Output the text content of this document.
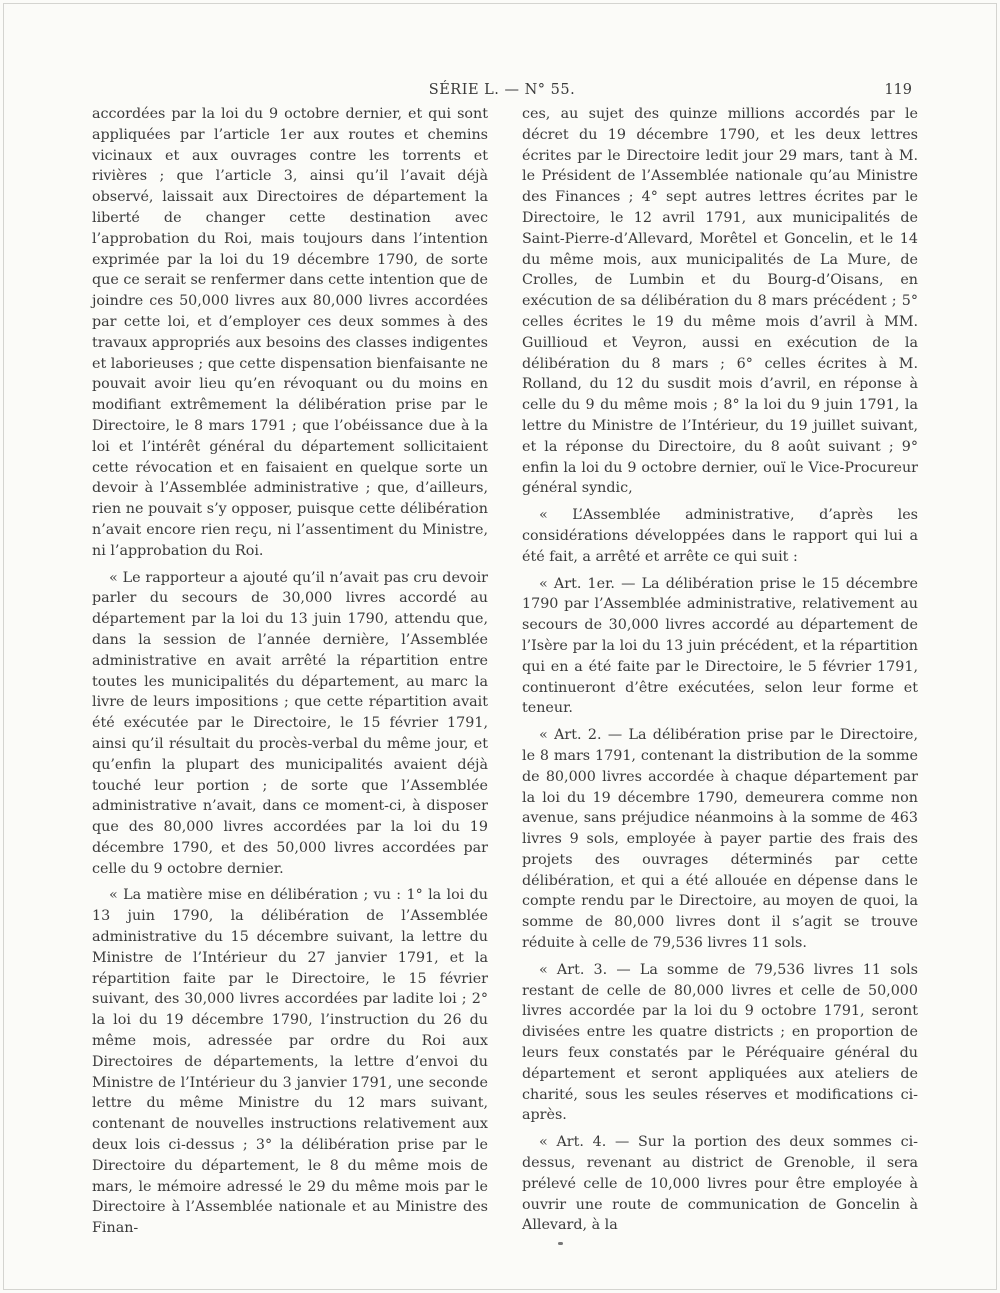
SÉRIE L. — N° 55.	119

accordées par la loi du 9 octobre dernier, et qui sont appliquées par l’article 1er aux routes et chemins vicinaux et aux ouvrages contre les torrents et rivières ; que l’article 3, ainsi qu’il l’avait déjà observé, laissait aux Directoires de département la liberté de changer cette destination avec l’approbation du Roi, mais toujours dans l’intention exprimée par la loi du 19 décembre 1790, de sorte que ce serait se renfermer dans cette intention que de joindre ces 50,000 livres aux 80,000 livres accordées par cette loi, et d’employer ces deux sommes à des travaux appropriés aux besoins des classes indigentes et laborieuses ; que cette dispensation bienfaisante ne pouvait avoir lieu qu’en révoquant ou du moins en modifiant extrêmement la délibération prise par le Directoire, le 8 mars 1791 ; que l’obéissance due à la loi et l’intérêt général du département sollicitaient cette révocation et en faisaient en quelque sorte un devoir à l’Assemblée administrative ; que, d’ailleurs, rien ne pouvait s’y opposer, puisque cette délibération n’avait encore rien reçu, ni l’assentiment du Ministre, ni l’approbation du Roi.

« Le rapporteur a ajouté qu’il n’avait pas cru devoir parler du secours de 30,000 livres accordé au département par la loi du 13 juin 1790, attendu que, dans la session de l’année dernière, l’Assemblée administrative en avait arrêté la répartition entre toutes les municipalités du département, au marc la livre de leurs impositions ; que cette répartition avait été exécutée par le Directoire, le 15 février 1791, ainsi qu’il résultait du procès-verbal du même jour, et qu’enfin la plupart des municipalités avaient déjà touché leur portion ; de sorte que l’Assemblée administrative n’avait, dans ce moment-ci, à disposer que des 80,000 livres accordées par la loi du 19 décembre 1790, et des 50,000 livres accordées par celle du 9 octobre dernier.

« La matière mise en délibération ; vu : 1° la loi du 13 juin 1790, la délibération de l’Assemblée administrative du 15 décembre suivant, la lettre du Ministre de l’Intérieur du 27 janvier 1791, et la répartition faite par le Directoire, le 15 février suivant, des 30,000 livres accordées par ladite loi ; 2° la loi du 19 décembre 1790, l’instruction du 26 du même mois, adressée par ordre du Roi aux Directoires de départements, la lettre d’envoi du Ministre de l’Intérieur du 3 janvier 1791, une seconde lettre du même Ministre du 12 mars suivant, contenant de nouvelles instructions relativement aux deux lois ci-dessus ; 3° la délibération prise par le Directoire du département, le 8 du même mois de mars, le mémoire adressé le 29 du même mois par le Directoire à l’Assemblée nationale et au Ministre des Finan-

ces, au sujet des quinze millions accordés par le décret du 19 décembre 1790, et les deux lettres écrites par le Directoire ledit jour 29 mars, tant à M. le Président de l’Assemblée nationale qu’au Ministre des Finances ; 4° sept autres lettres écrites par le Directoire, le 12 avril 1791, aux municipalités de Saint-Pierre-d’Allevard, Morêtel et Goncelin, et le 14 du même mois, aux municipalités de La Mure, de Crolles, de Lumbin et du Bourg-d’Oisans, en exécution de sa délibération du 8 mars précédent ; 5° celles écrites le 19 du même mois d’avril à MM. Guillioud et Veyron, aussi en exécution de la délibération du 8 mars ; 6° celles écrites à M. Rolland, du 12 du susdit mois d’avril, en réponse à celle du 9 du même mois ; 8° la loi du 9 juin 1791, la lettre du Ministre de l’Intérieur, du 19 juillet suivant, et la réponse du Directoire, du 8 août suivant ; 9° enfin la loi du 9 octobre dernier, ouï le Vice-Procureur général syndic,

« L’Assemblée administrative, d’après les considérations développées dans le rapport qui lui a été fait, a arrêté et arrête ce qui suit :

« Art. 1er. — La délibération prise le 15 décembre 1790 par l’Assemblée administrative, relativement au secours de 30,000 livres accordé au département de l’Isère par la loi du 13 juin précédent, et la répartition qui en a été faite par le Directoire, le 5 février 1791, continueront d’être exécutées, selon leur forme et teneur.

« Art. 2. — La délibération prise par le Directoire, le 8 mars 1791, contenant la distribution de la somme de 80,000 livres accordée à chaque département par la loi du 19 décembre 1790, demeurera comme non avenue, sans préjudice néanmoins à la somme de 463 livres 9 sols, employée à payer partie des frais des projets des ouvrages déterminés par cette délibération, et qui a été allouée en dépense dans le compte rendu par le Directoire, au moyen de quoi, la somme de 80,000 livres dont il s’agit se trouve réduite à celle de 79,536 livres 11 sols.

« Art. 3. — La somme de 79,536 livres 11 sols restant de celle de 80,000 livres et celle de 50,000 livres accordée par la loi du 9 octobre 1791, seront divisées entre les quatre districts ; en proportion de leurs feux constatés par le Péréquaire général du département et seront appliquées aux ateliers de charité, sous les seules réserves et modifications ci-après.

« Art. 4. — Sur la portion des deux sommes ci-dessus, revenant au district de Grenoble, il sera prélevé celle de 10,000 livres pour être employée à ouvrir une route de communication de Goncelin à Allevard, à la
